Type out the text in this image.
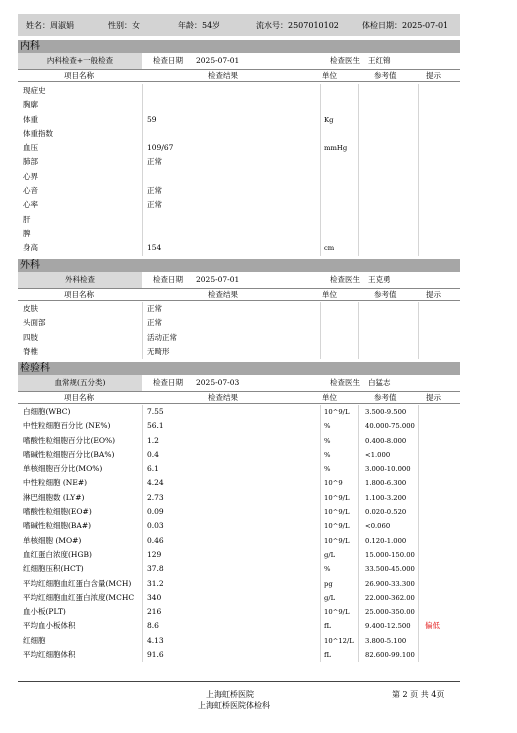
姓名：周淑娟	性别：女	年龄：54岁	流水号：2507010102	体检日期：2025-07-01
内科
内科检查+一般检查	检查日期 2025-07-01	检查医生 王红锦
项目名称	检查结果	单位	参考值	提示
现症史
胸廓
体重	59	Kg
体重指数
血压	109/67	mmHg
肺部	正常
心界
心音	正常
心率	正常
肝
脾
身高	154	cm
外科
外科检查	检查日期 2025-07-01	检查医生 王克勇
项目名称	检查结果	单位	参考值	提示
皮肤	正常
头面部	正常
四肢	活动正常
脊椎	无畸形
检验科
血常规(五分类)	检查日期 2025-07-03	检查医生 白猛志
项目名称	检查结果	单位	参考值	提示
白细胞(WBC)	7.55	10^9/L 3.500-9.500
中性粒细胞百分比 (NE%)	56.1	%	40.000-75.000
嗜酸性粒细胞百分比(EO%)	1.2	%	0.400-8.000
嗜碱性粒细胞百分比(BA%)	0.4	%	<1.000
单核细胞百分比(MO%)	6.1	%	3.000-10.000
中性粒细胞 (NE#)	4.24	10^9	1.800-6.300
淋巴细胞数 (LY#)	2.73	10^9/L 1.100-3.200
嗜酸性粒细胞(EO#)	0.09	10^9/L 0.020-0.520
嗜碱性粒细胞(BA#)	0.03	10^9/L <0.060
单核细胞 (MO#)	0.46	10^9/L 0.120-1.000
血红蛋白浓度(HGB)	129	g/L	15.000-150.00
红细胞压积(HCT)	37.8	%	33.500-45.000
平均红细胞血红蛋白含量(MCH) 31.2	pg	26.900-33.300
平均红细胞血红蛋白浓度(MCHC 340	g/L	22.000-362.00
血小板(PLT)	216	10^9/L 25.000-350.00
平均血小板体积	8.6	fL	9.400-12.500 偏低
红细胞	4.13	10^12/L 3.800-5.100
平均红细胞体积	91.6	fL	82.600-99.100
上海虹桥医院
上海虹桥医院体检科
第 2 页 共 4页
